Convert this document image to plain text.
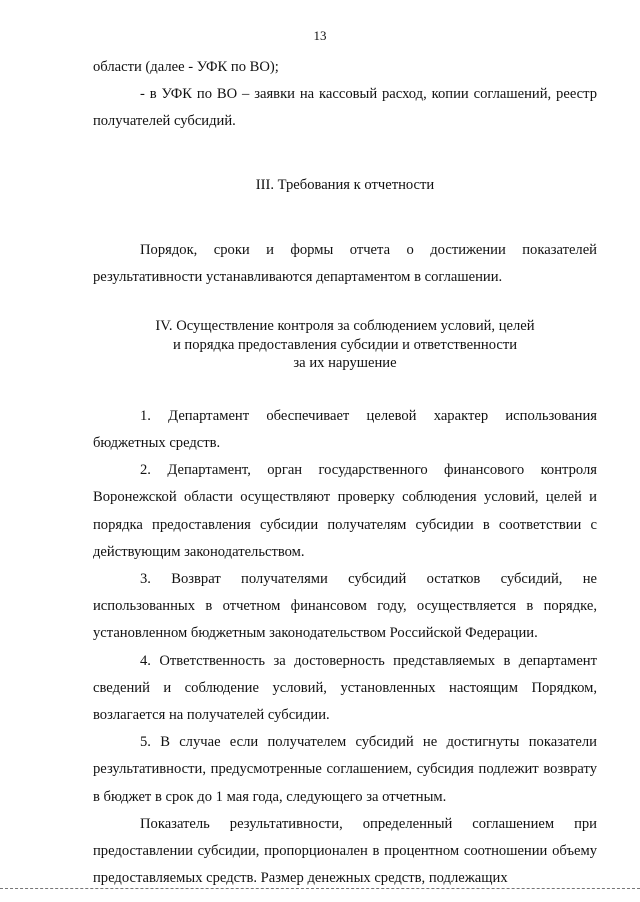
13

области (далее - УФК по ВО);

- в УФК по ВО – заявки на кассовый расход, копии соглашений, реестр получателей субсидий.

III. Требования к отчетности

Порядок, сроки и формы отчета о достижении показателей результативности устанавливаются департаментом в соглашении.

IV. Осуществление контроля за соблюдением условий, целей
и порядка предоставления субсидии и ответственности
за их нарушение

1. Департамент обеспечивает целевой характер использования бюджетных средств.

2. Департамент, орган государственного финансового контроля Воронежской области осуществляют проверку соблюдения условий, целей и порядка предоставления субсидии получателям субсидии в соответствии с действующим законодательством.

3. Возврат получателями субсидий остатков субсидий, не использованных в отчетном финансовом году, осуществляется в порядке, установленном бюджетным законодательством Российской Федерации.

4. Ответственность за достоверность представляемых в департамент сведений и соблюдение условий, установленных настоящим Порядком, возлагается на получателей субсидии.

5. В случае если получателем субсидий не достигнуты показатели результативности, предусмотренные соглашением, субсидия подлежит возврату в бюджет в срок до 1 мая года, следующего за отчетным.

Показатель результативности, определенный соглашением при предоставлении субсидии, пропорционален в процентном соотношении объему предоставляемых средств. Размер денежных средств, подлежащих
